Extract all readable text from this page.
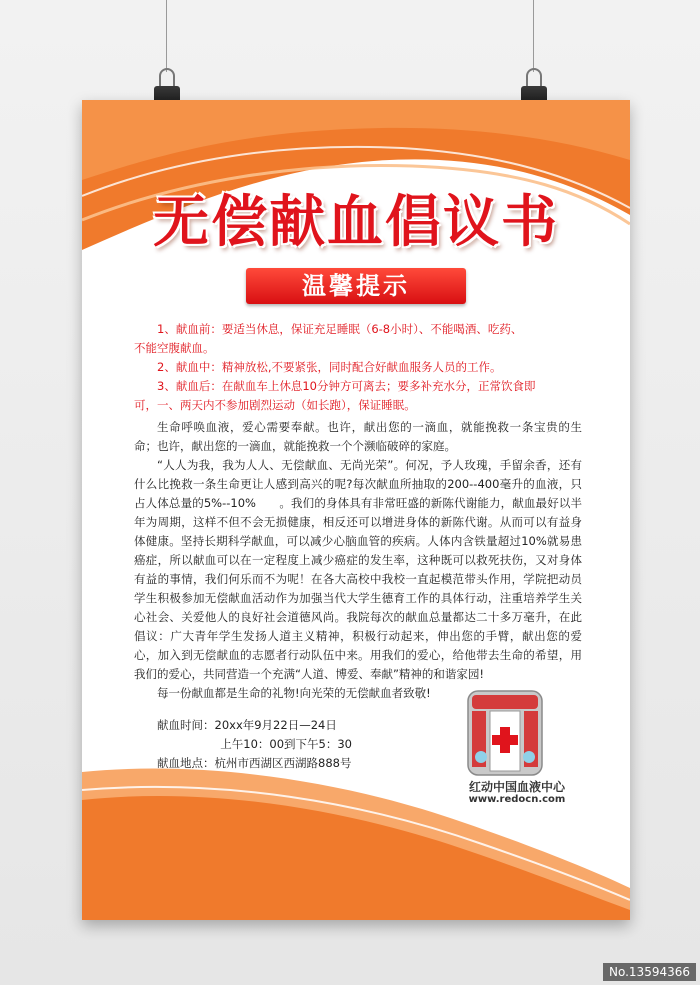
无偿献血倡议书
温馨提示

1、献血前：要适当休息，保证充足睡眠（6-8小时）、不能喝酒、吃药、

不能空腹献血。

2、献血中：精神放松,不要紧张，同时配合好献血服务人员的工作。

3、献血后：在献血车上休息10分钟方可离去；要多补充水分，正常饮食即

可，一、两天内不参加剧烈运动（如长跑），保证睡眠。

生命呼唤血液，爱心需要奉献。也许，献出您的一滴血，就能挽救一条宝贵的生命；也许，献出您的一滴血，就能挽救一个个濒临破碎的家庭。

“人人为我，我为人人、无偿献血、无尚光荣”。何况，予人玫瑰，手留余香，还有什么比挽救一条生命更让人感到高兴的呢?每次献血所抽取的200--400毫升的血液，只占人体总量的5%--10%　　。我们的身体具有非常旺盛的新陈代谢能力，献血最好以半年为周期，这样不但不会无损健康，相反还可以增进身体的新陈代谢。从而可以有益身体健康。坚持长期科学献血，可以减少心脑血管的疾病。人体内含铁量超过10%就易患癌症，所以献血可以在一定程度上减少癌症的发生率，这种既可以救死扶伤，又对身体有益的事情，我们何乐而不为呢！在各大高校中我校一直起模范带头作用，学院把动员学生积极参加无偿献血活动作为加强当代大学生德育工作的具体行动，注重培养学生关心社会、关爱他人的良好社会道德风尚。我院每次的献血总量都达二十多万毫升，在此倡议：广大青年学生发扬人道主义精神，积极行动起来，伸出您的手臂，献出您的爱心，加入到无偿献血的志愿者行动队伍中来。用我们的爱心，给他带去生命的希望，用我们的爱心，共同营造一个充满“人道、博爱、奉献”精神的和谐家园!

每一份献血都是生命的礼物!向光荣的无偿献血者致敬!

献血时间：20xx年9月22日—24日

上午10：00到下午5：30

献血地点：杭州市西湖区西湖路888号

红动中国血液中心
www.redocn.com
No.13594366
